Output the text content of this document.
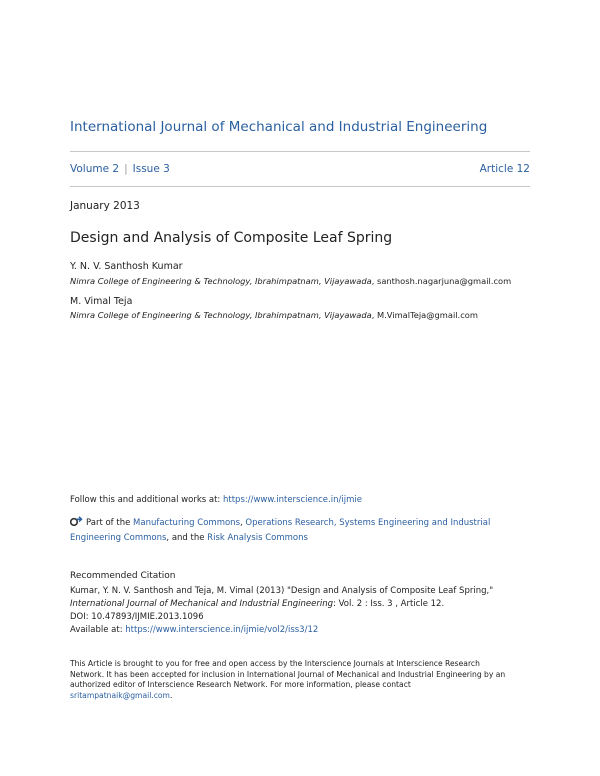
International Journal of Mechanical and Industrial Engineering
Volume 2 | Issue 3	Article 12
January 2013
Design and Analysis of Composite Leaf Spring
Y. N. V. Santhosh Kumar
Nimra College of Engineering & Technology, Ibrahimpatnam, Vijayawada, santhosh.nagarjuna@gmail.com
M. Vimal Teja
Nimra College of Engineering & Technology, Ibrahimpatnam, Vijayawada, M.VimalTeja@gmail.com
Follow this and additional works at: https://www.interscience.in/ijmie
Part of the Manufacturing Commons, Operations Research, Systems Engineering and Industrial
Engineering Commons, and the Risk Analysis Commons
Recommended Citation
Kumar, Y. N. V. Santhosh and Teja, M. Vimal (2013) "Design and Analysis of Composite Leaf Spring,"
International Journal of Mechanical and Industrial Engineering: Vol. 2 : Iss. 3 , Article 12.
DOI: 10.47893/IJMIE.2013.1096
Available at: https://www.interscience.in/ijmie/vol2/iss3/12
This Article is brought to you for free and open access by the Interscience Journals at Interscience Research
Network. It has been accepted for inclusion in International Journal of Mechanical and Industrial Engineering by an
authorized editor of Interscience Research Network. For more information, please contact
sritampatnaik@gmail.com.
